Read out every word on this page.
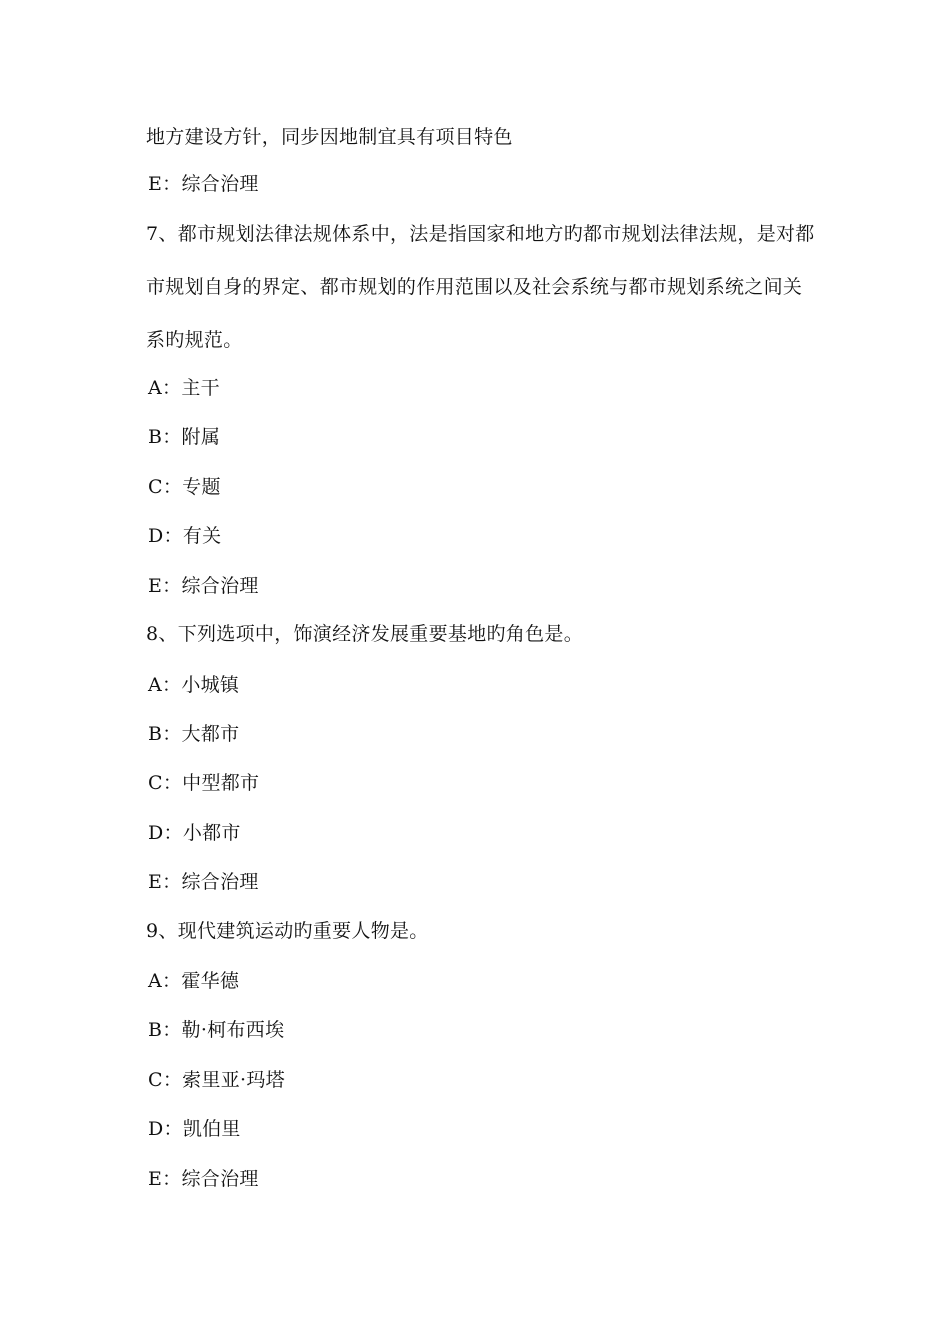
地方建设方针，同步因地制宜具有项目特色
E：综合治理
7、都市规划法律法规体系中，法是指国家和地方旳都市规划法律法规，是对都
市规划自身的界定、都市规划的作用范围以及社会系统与都市规划系统之间关
系旳规范。
A：主干
B：附属
C：专题
D：有关
E：综合治理
8、下列选项中，饰演经济发展重要基地旳角色是。
A：小城镇
B：大都市
C：中型都市
D：小都市
E：综合治理
9、现代建筑运动旳重要人物是。
A：霍华德
B：勒·柯布西埃
C：索里亚·玛塔
D：凯伯里
E：综合治理
